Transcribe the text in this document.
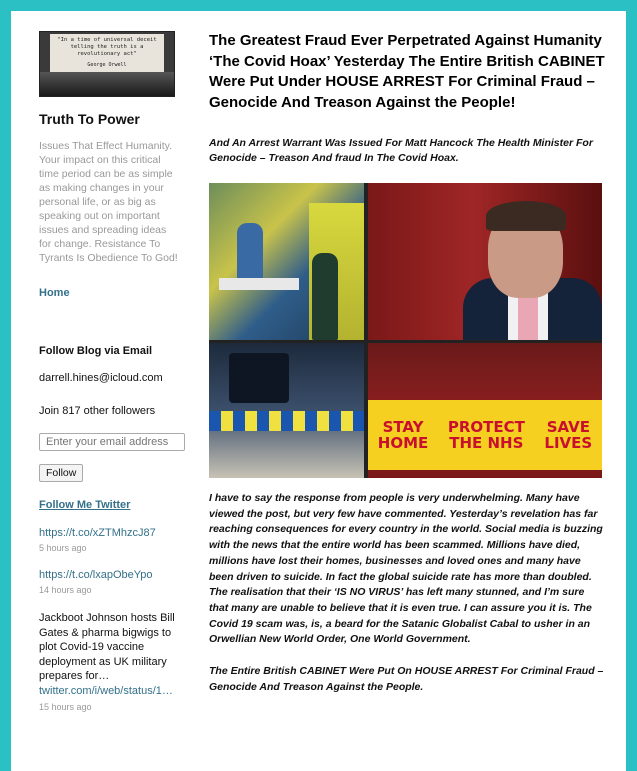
"In a time of universal deceit telling the truth is a revolutionary act"
George Orwell
Truth To Power
Issues That Effect Humanity. Your impact on this critical time period can be as simple as making changes in your personal life, or as big as speaking out on important issues and spreading ideas for change. Resistance To Tyrants Is Obedience To God!
Home
Follow Blog via Email
darrell.hines@icloud.com
Join 817 other followers
Enter your email address
Follow
Follow Me Twitter
https://t.co/xZTMhzcJ87
5 hours ago
https://t.co/lxapObeYpo
14 hours ago
Jackboot Johnson hosts Bill Gates & pharma bigwigs to plot Covid-19 vaccine deployment as UK military prepares for… twitter.com/i/web/status/1…
15 hours ago
The Greatest Fraud Ever Perpetrated Against Humanity ‘The Covid Hoax’ Yesterday The Entire British CABINET Were Put Under HOUSE ARREST For Criminal Fraud – Genocide And Treason Against the People!
And An Arrest Warrant Was Issued For Matt Hancock The Health Minister For Genocide – Treason And fraud In The Covid Hoax.
STAY
HOME
PROTECT
THE NHS
SAVE
LIVES
I have to say the response from people is very underwhelming. Many have viewed the post, but very few have commented. Yesterday’s revelation has far reaching consequences for every country in the world. Social media is buzzing with the news that the entire world has been scammed. Millions have died, millions have lost their homes, businesses and loved ones and many have been driven to suicide. In fact the global suicide rate has more than doubled. The realisation that their ‘IS NO VIRUS’ has left many stunned, and I’m sure that many are unable to believe that it is even true. I can assure you it is. The Covid 19 scam was, is, a beard for the Satanic Globalist Cabal to usher in an Orwellian New World Order, One World Government.
The Entire British CABINET Were Put On HOUSE ARREST For Criminal Fraud – Genocide And Treason Against the People.
